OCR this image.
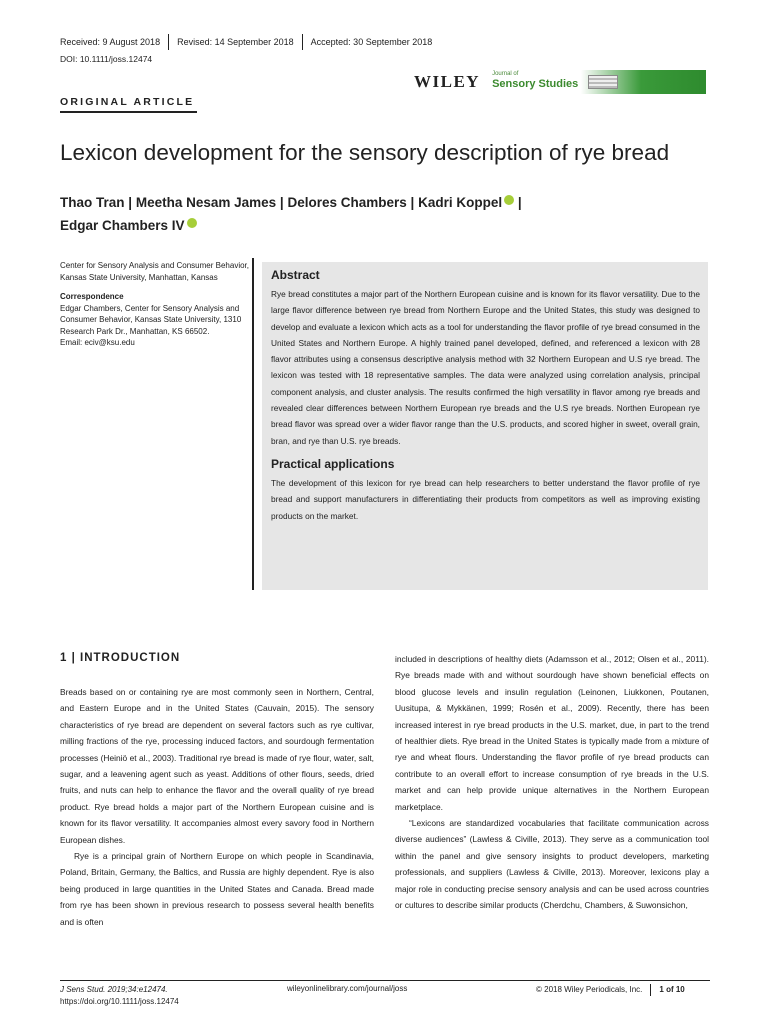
Received: 9 August 2018	Revised: 14 September 2018	Accepted: 30 September 2018
DOI: 10.1111/joss.12474
WILEY Journal of
Sensory Studies
ORIGINAL ARTICLE
Lexicon development for the sensory description of rye bread
Thao Tran | Meetha Nesam James | Delores Chambers | Kadri Koppel |
Edgar Chambers IV
Center for Sensory Analysis and Consumer Behavior, Kansas State University, Manhattan, Kansas
Correspondence
Edgar Chambers, Center for Sensory Analysis and Consumer Behavior, Kansas State University, 1310 Research Park Dr., Manhattan, KS 66502.
Email: eciv@ksu.edu
Abstract

Rye bread constitutes a major part of the Northern European cuisine and is known for its flavor versatility. Due to the large flavor difference between rye bread from Northern Europe and the United States, this study was designed to develop and evaluate a lexicon which acts as a tool for understanding the flavor profile of rye bread consumed in the United States and Northern Europe. A highly trained panel developed, defined, and referenced a lexicon with 28 flavor attributes using a consensus descriptive analysis method with 32 Northern European and U.S rye bread. The lexicon was tested with 18 representative samples. The data were analyzed using correlation analysis, principal component analysis, and cluster analysis. The results confirmed the high versatility in flavor among rye breads and revealed clear differences between Northern European rye breads and the U.S rye breads. Northen European rye bread flavor was spread over a wider flavor range than the U.S. products, and scored higher in sweet, overall grain, bran, and rye than U.S. rye breads.

Practical applications

The development of this lexicon for rye bread can help researchers to better understand the flavor profile of rye bread and support manufacturers in differentiating their products from competitors as well as improving existing products on the market.

1 | INTRODUCTION

Breads based on or containing rye are most commonly seen in Northern, Central, and Eastern Europe and in the United States (Cauvain, 2015). The sensory characteristics of rye bread are dependent on several factors such as rye cultivar, milling fractions of the rye, processing induced factors, and sourdough fermentation processes (Heiniö et al., 2003). Traditional rye bread is made of rye flour, water, salt, sugar, and a leavening agent such as yeast. Additions of other flours, seeds, dried fruits, and nuts can help to enhance the flavor and the overall quality of rye bread product. Rye bread holds a major part of the Northern European cuisine and is known for its flavor versatility. It accompanies almost every savory food in Northern European dishes.

Rye is a principal grain of Northern Europe on which people in Scandinavia, Poland, Britain, Germany, the Baltics, and Russia are highly dependent. Rye is also being produced in large quantities in the United States and Canada. Bread made from rye has been shown in previous research to possess several health benefits and is often

included in descriptions of healthy diets (Adamsson et al., 2012; Olsen et al., 2011). Rye breads made with and without sourdough have shown beneficial effects on blood glucose levels and insulin regulation (Leinonen, Liukkonen, Poutanen, Uusitupa, & Mykkänen, 1999; Rosén et al., 2009). Recently, there has been increased interest in rye bread products in the U.S. market, due, in part to the trend of healthier diets. Rye bread in the United States is typically made from a mixture of rye and wheat flours. Understanding the flavor profile of rye bread products can contribute to an overall effort to increase consumption of rye breads in the U.S. market and can help provide unique alternatives in the Northern European marketplace.

“Lexicons are standardized vocabularies that facilitate communication across diverse audiences” (Lawless & Civille, 2013). They serve as a communication tool within the panel and give sensory insights to product developers, marketing professionals, and suppliers (Lawless & Civille, 2013). Moreover, lexicons play a major role in conducting precise sensory analysis and can be used across countries or cultures to describe similar products (Cherdchu, Chambers, & Suwonsichon,

J Sens Stud. 2019;34:e12474.
https://doi.org/10.1111/joss.12474
wileyonlinelibrary.com/journal/joss	© 2018 Wiley Periodicals, Inc.	1 of 10
